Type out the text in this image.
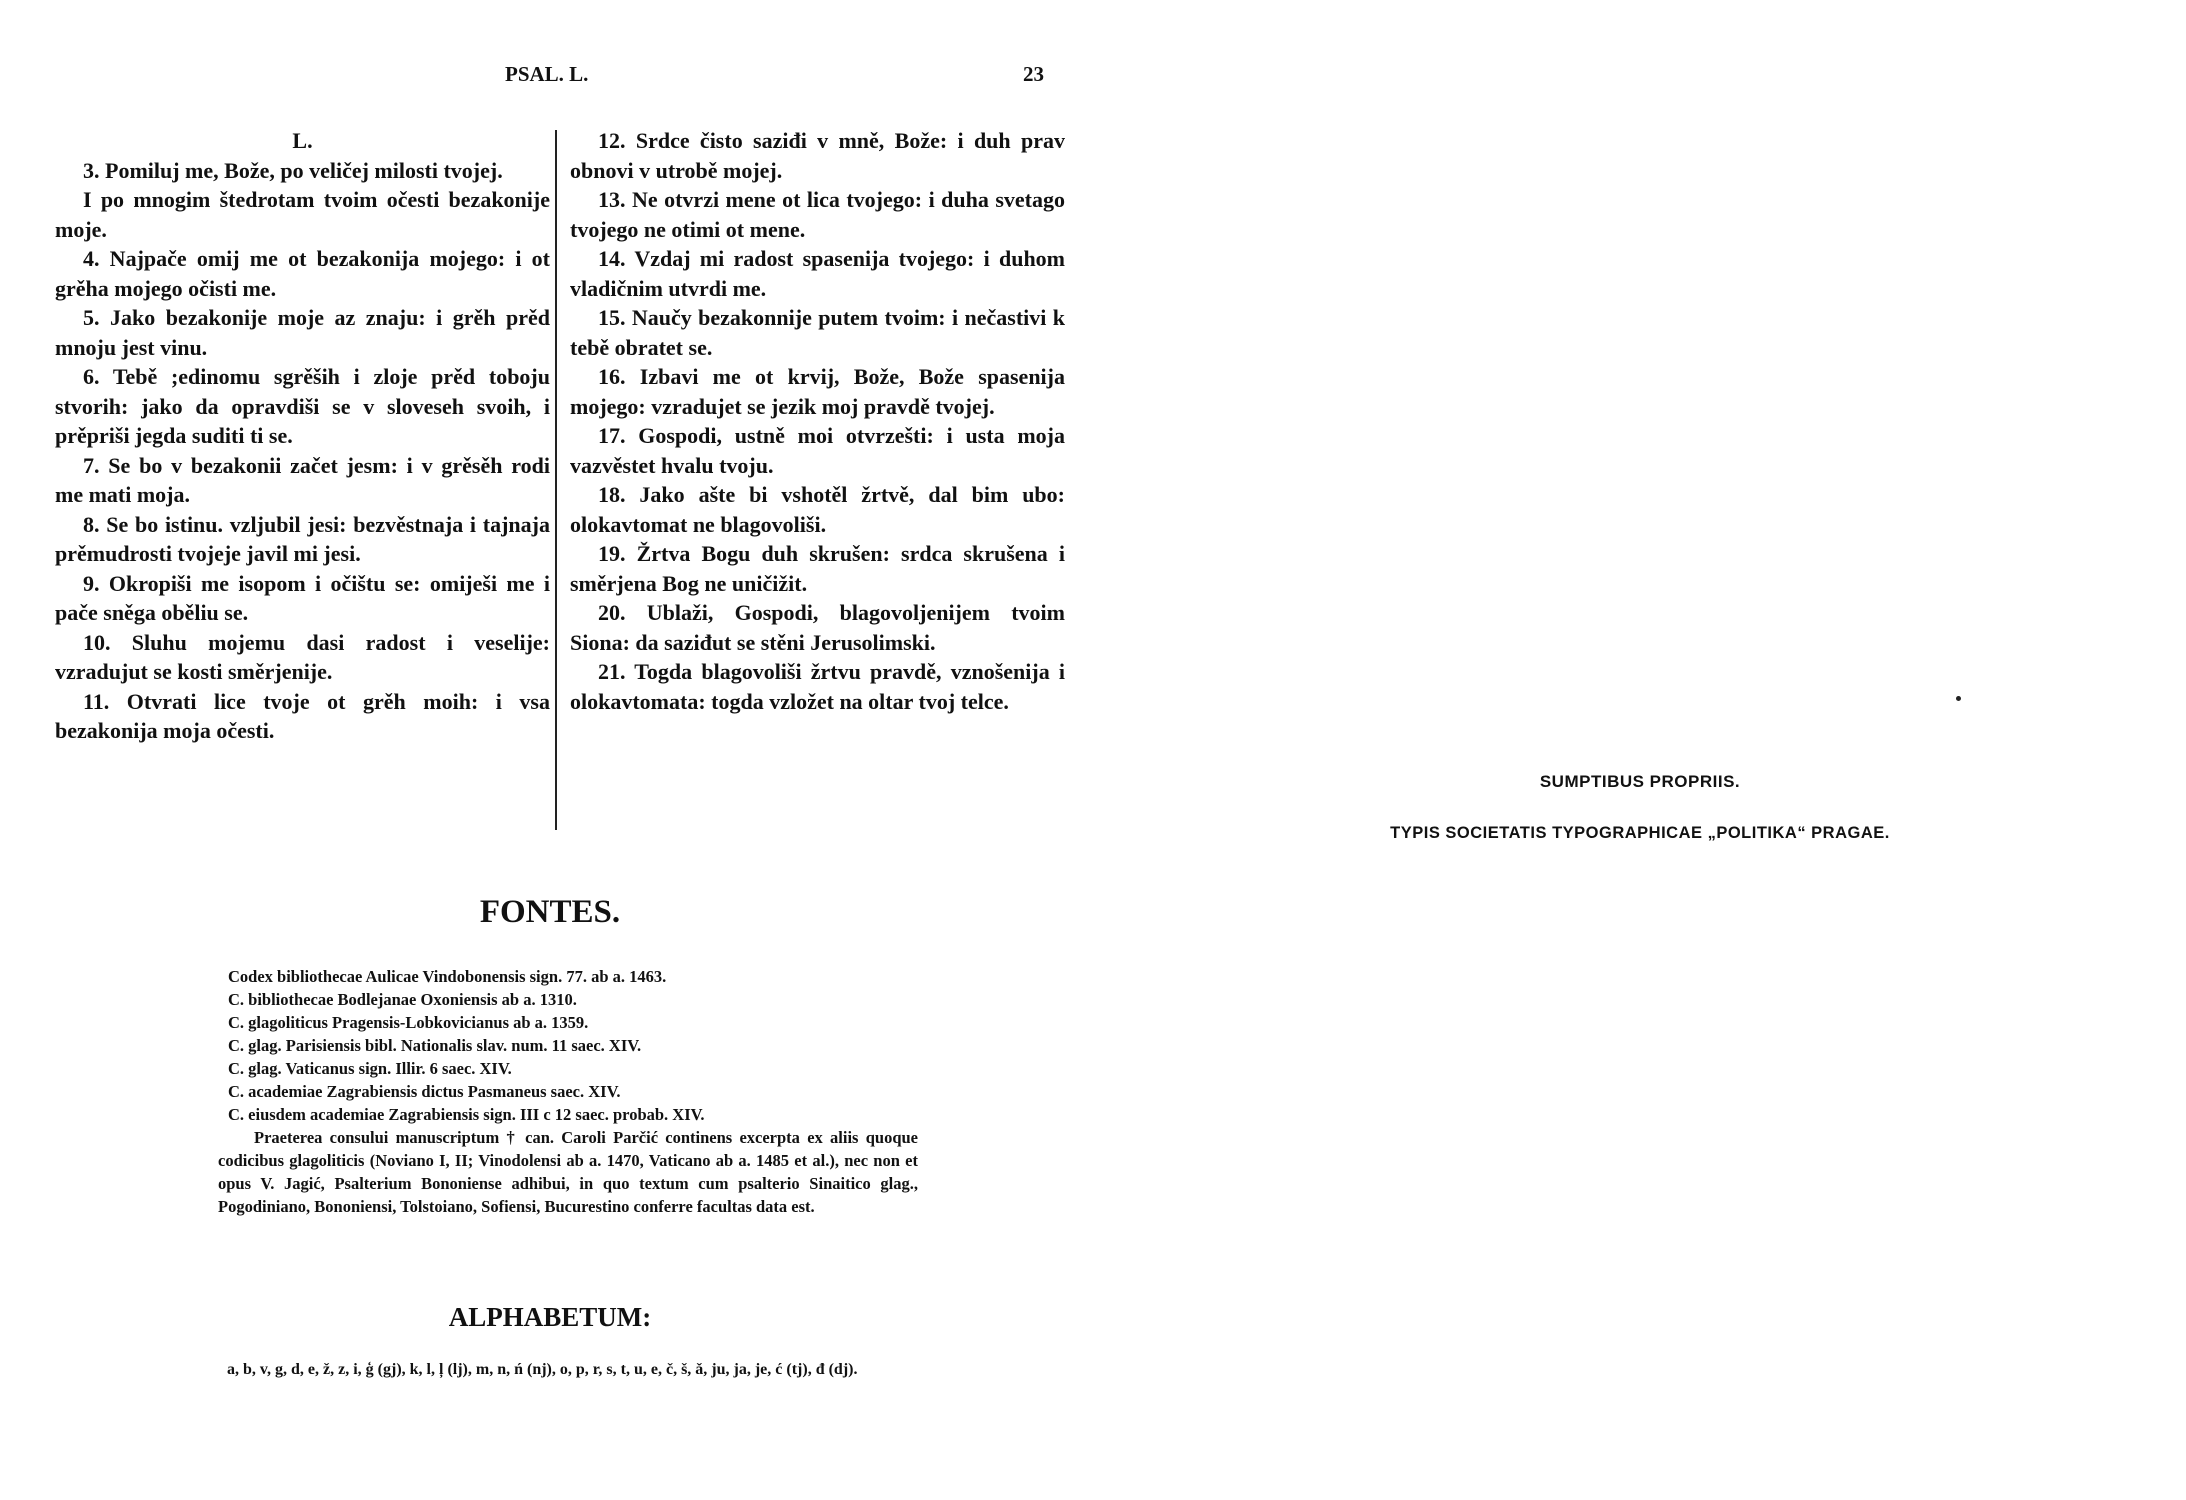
PSAL. L.	23

L.

3. Pomiluj me, Bože, po veličej milosti tvojej.

I po mnogim štedrotam tvoim očesti bezakonije moje.

4. Najpače omij me ot bezakonija mojego: i ot grěha mojego očisti me.

5. Jako bezakonije moje az znaju: i grěh prěd mnoju jest vinu.

6. Tebě ;edinomu sgrěših i zloje prěd toboju stvorih: jako da opravdiši se v sloveseh svoih, i prěpriši jegda suditi ti se.

7. Se bo v bezakonii začet jesm: i v grěsěh rodi me mati moja.

8. Se bo istinu. vzljubil jesi: bezvěstnaja i tajnaja prěmudrosti tvojeje javil mi jesi.

9. Okropiši me isopom i očištu se: omiješi me i pače sněga oběliu se.

10. Sluhu mojemu dasi radost i veselije: vzradujut se kosti směrjenije.

11. Otvrati lice tvoje ot grěh moih: i vsa bezakonija moja očesti.

12. Srdce čisto saziđi v mně, Bože: i duh prav obnovi v utrobě mojej.

13. Ne otvrzi mene ot lica tvojego: i duha svetago tvojego ne otimi ot mene.

14. Vzdaj mi radost spasenija tvojego: i duhom vladičnim utvrdi me.

15. Naučy bezakonnije putem tvoim: i nečastivi k tebě obratet se.

16. Izbavi me ot krvij, Bože, Bože spasenija mojego: vzradujet se jezik moj pravdě tvojej.

17. Gospodi, ustně moi otvrzešti: i usta moja vazvěstet hvalu tvoju.

18. Jako ašte bi vshotěl žrtvě, dal bim ubo: olokavtomat ne blagovoliši.

19. Žrtva Bogu duh skrušen: srdca skrušena i směrjena Bog ne uničižit.

20. Ublaži, Gospodi, blagovoljenijem tvoim Siona: da saziđut se stěni Jerusolimski.

21. Togda blagovoliši žrtvu pravdě, vznošenija i olokavtomata: togda vzložet na oltar tvoj telce.

FONTES.
Codex bibliothecae Aulicae Vindobonensis sign. 77. ab a. 1463.
C. bibliothecae Bodlejanae Oxoniensis ab a. 1310.
C. glagoliticus Pragensis-Lobkovicianus ab a. 1359.
C. glag. Parisiensis bibl. Nationalis slav. num. 11 saec. XIV.
C. glag. Vaticanus sign. Illir. 6 saec. XIV.
C. academiae Zagrabiensis dictus Pasmaneus saec. XIV.
C. eiusdem academiae Zagrabiensis sign. III c 12 saec. probab. XIV.
Praeterea consului manuscriptum † can. Caroli Parčić continens excerpta ex aliis quoque codicibus glagoliticis (Noviano I, II; Vinodolensi ab a. 1470, Vaticano ab a. 1485 et al.), nec non et opus V. Jagić, Psalterium Bononiense adhibui, in quo textum cum psalterio Sinaitico glag., Pogodiniano, Bononiensi, Tolstoiano, Sofiensi, Bucurestino conferre facultas data est.
ALPHABETUM:
a, b, v, g, d, e, ž, z, i, ģ (gj), k, l, ļ (lj), m, n, ń (nj), o, p, r, s, t, u, e, č, š, ǎ, ju, ja, je, ć (tj), đ (dj).
SUMPTIBUS PROPRIIS.
TYPIS SOCIETATIS TYPOGRAPHICAE „POLITIKA“ PRAGAE.
